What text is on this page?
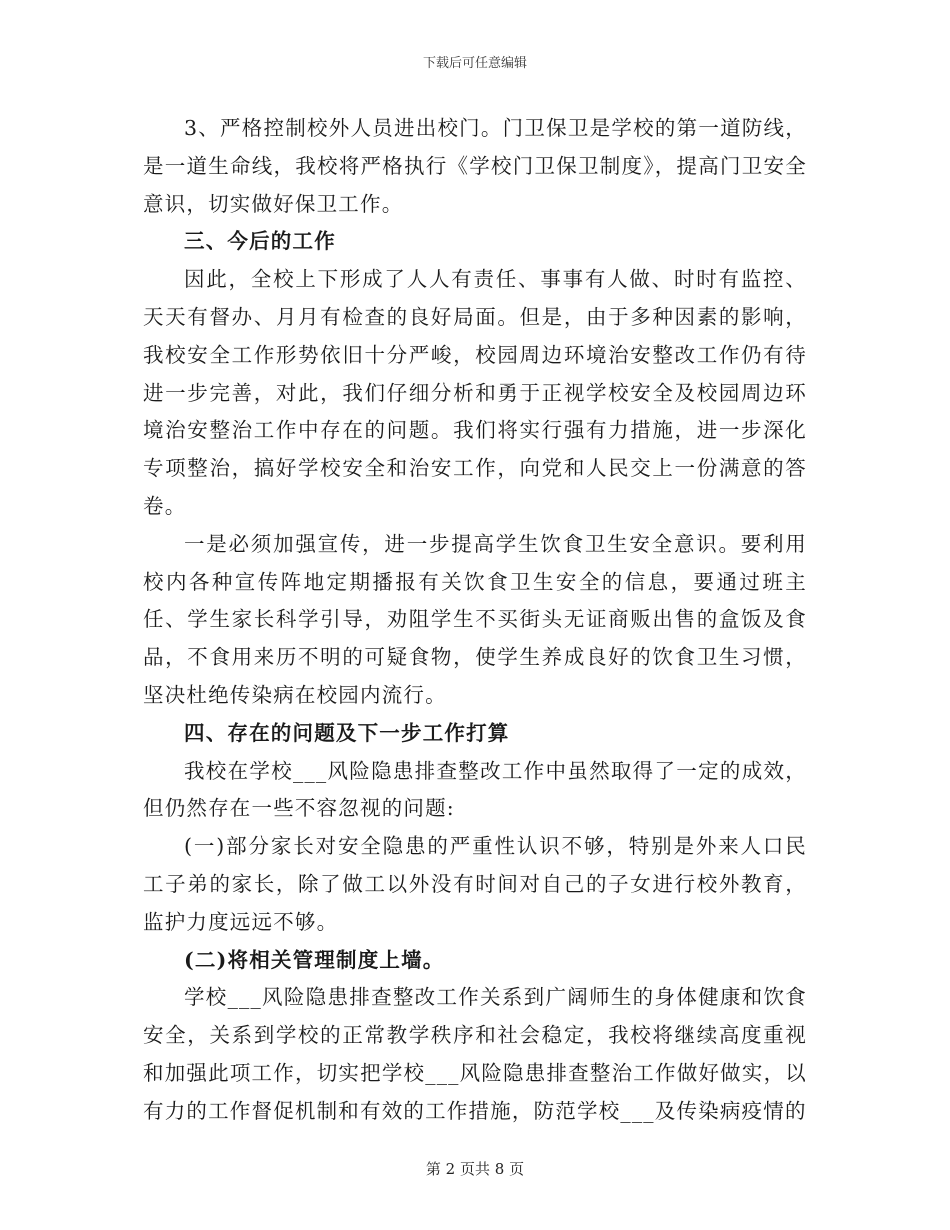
下载后可任意编辑

3、严格控制校外人员进出校门。门卫保卫是学校的第一道防线，是一道生命线，我校将严格执行《学校门卫保卫制度》，提高门卫安全意识，切实做好保卫工作。

三、今后的工作

因此，全校上下形成了人人有责任、事事有人做、时时有监控、天天有督办、月月有检查的良好局面。但是，由于多种因素的影响，我校安全工作形势依旧十分严峻，校园周边环境治安整改工作仍有待进一步完善，对此，我们仔细分析和勇于正视学校安全及校园周边环境治安整治工作中存在的问题。我们将实行强有力措施，进一步深化专项整治，搞好学校安全和治安工作，向党和人民交上一份满意的答卷。

一是必须加强宣传，进一步提高学生饮食卫生安全意识。要利用校内各种宣传阵地定期播报有关饮食卫生安全的信息，要通过班主任、学生家长科学引导，劝阻学生不买街头无证商贩出售的盒饭及食品，不食用来历不明的可疑食物，使学生养成良好的饮食卫生习惯，坚决杜绝传染病在校园内流行。

四、存在的问题及下一步工作打算

我校在学校___风险隐患排查整改工作中虽然取得了一定的成效，但仍然存在一些不容忽视的问题:

(一)部分家长对安全隐患的严重性认识不够，特别是外来人口民工子弟的家长，除了做工以外没有时间对自己的子女进行校外教育，监护力度远远不够。

(二)将相关管理制度上墙。

学校___风险隐患排查整改工作关系到广阔师生的身体健康和饮食安全，关系到学校的正常教学秩序和社会稳定，我校将继续高度重视和加强此项工作，切实把学校___风险隐患排查整治工作做好做实，以有力的工作督促机制和有效的工作措施，防范学校___及传染病疫情的

第 2 页共 8 页
